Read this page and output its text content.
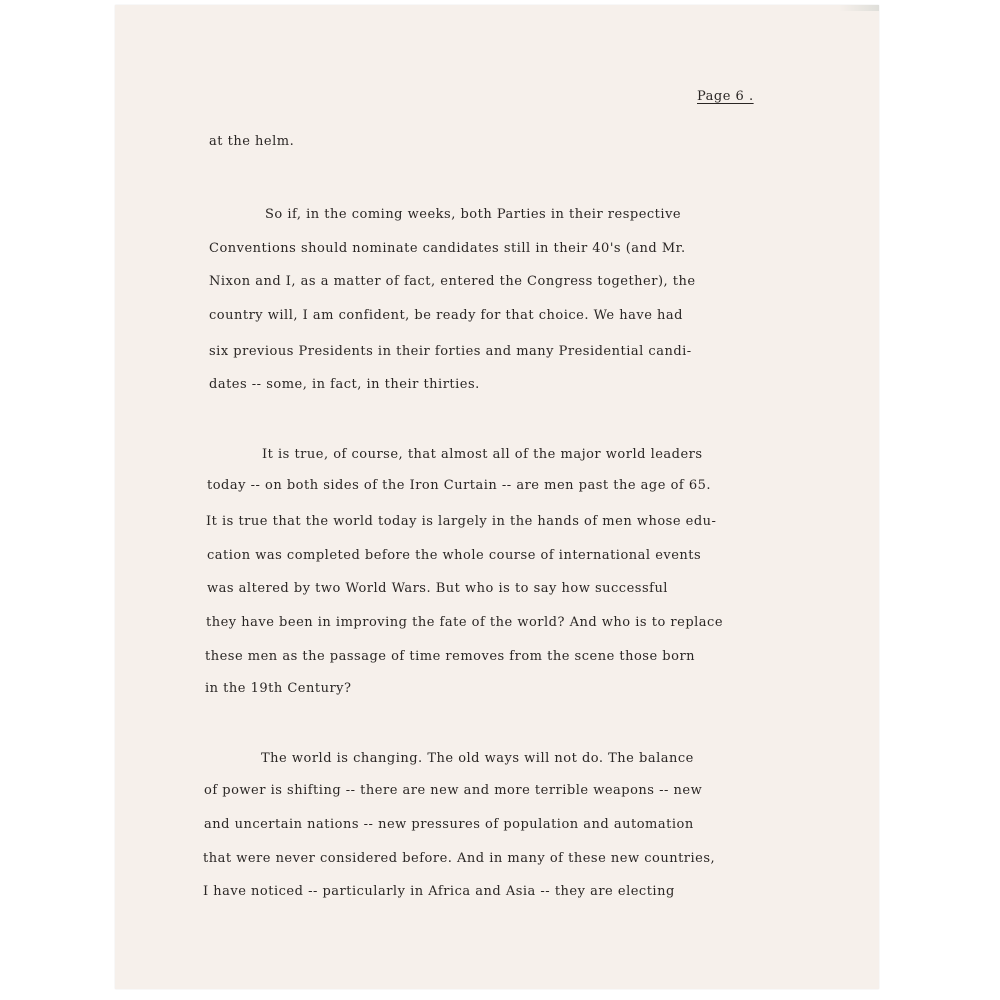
Page 6 .
at the helm.
So if, in the coming weeks, both Parties in their respective
Conventions should nominate candidates still in their 40's (and Mr.
Nixon and I, as a matter of fact, entered the Congress together), the
country will, I am confident, be ready for that choice. We have had
six previous Presidents in their forties and many Presidential candi-
dates -- some, in fact, in their thirties.
It is true, of course, that almost all of the major world leaders
today -- on both sides of the Iron Curtain -- are men past the age of 65.
It is true that the world today is largely in the hands of men whose edu-
cation was completed before the whole course of international events
was altered by two World Wars. But who is to say how successful
they have been in improving the fate of the world? And who is to replace
these men as the passage of time removes from the scene those born
in the 19th Century?
The world is changing. The old ways will not do. The balance
of power is shifting -- there are new and more terrible weapons -- new
and uncertain nations -- new pressures of population and automation
that were never considered before. And in many of these new countries,
I have noticed -- particularly in Africa and Asia -- they are electing
